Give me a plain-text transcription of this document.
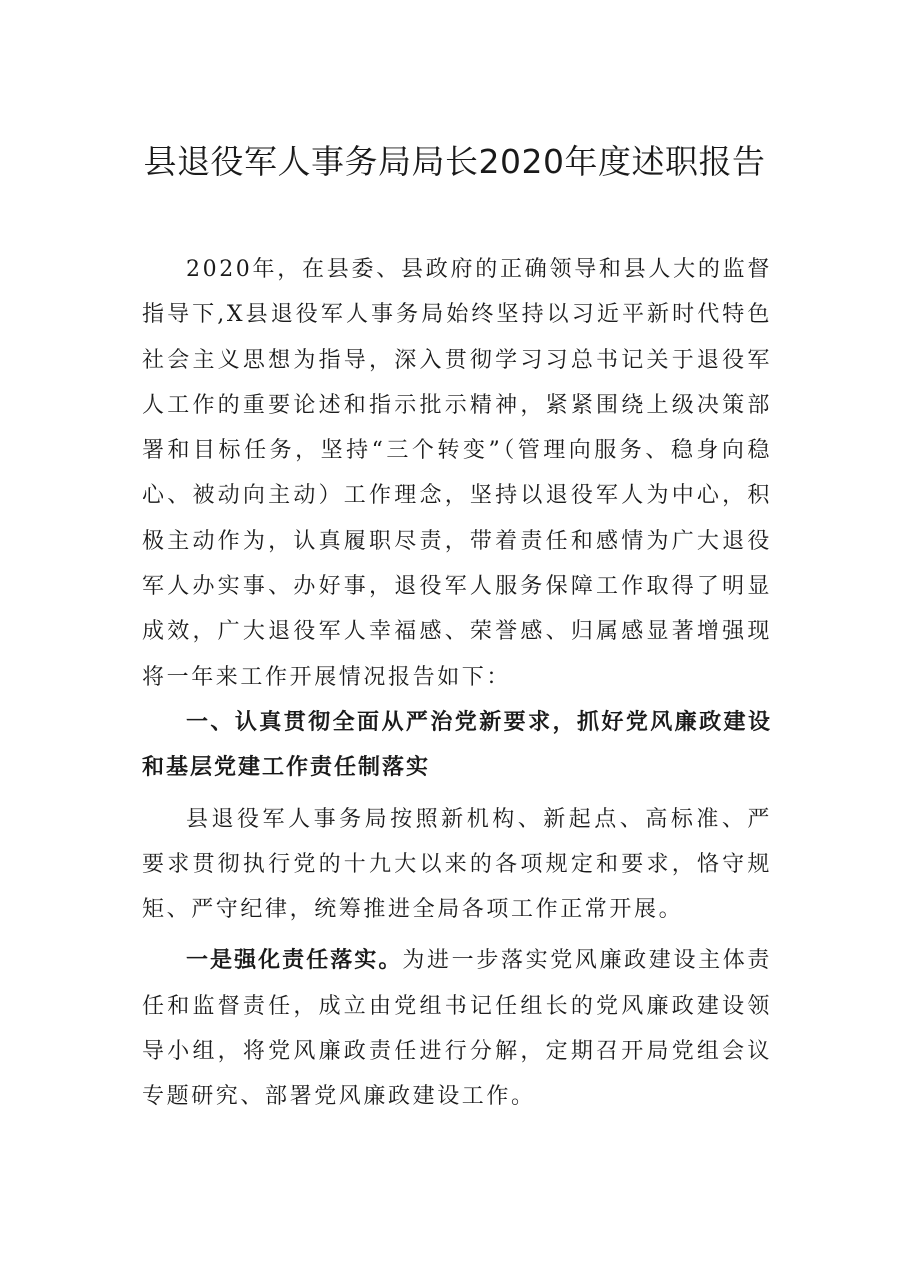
县退役军人事务局局长2020年度述职报告

2020年，在县委、县政府的正确领导和县人大的监督指导下,X县退役军人事务局始终坚持以习近平新时代特色社会主义思想为指导，深入贯彻学习习总书记关于退役军人工作的重要论述和指示批示精神，紧紧围绕上级决策部署和目标任务，坚持“三个转变”（管理向服务、稳身向稳心、被动向主动）工作理念，坚持以退役军人为中心，积极主动作为，认真履职尽责，带着责任和感情为广大退役军人办实事、办好事，退役军人服务保障工作取得了明显成效，广大退役军人幸福感、荣誉感、归属感显著增强现将一年来工作开展情况报告如下：

一、认真贯彻全面从严治党新要求，抓好党风廉政建设和基层党建工作责任制落实

县退役军人事务局按照新机构、新起点、高标准、严要求贯彻执行党的十九大以来的各项规定和要求，恪守规矩、严守纪律，统筹推进全局各项工作正常开展。

一是强化责任落实。为进一步落实党风廉政建设主体责任和监督责任，成立由党组书记任组长的党风廉政建设领导小组，将党风廉政责任进行分解，定期召开局党组会议专题研究、部署党风廉政建设工作。
